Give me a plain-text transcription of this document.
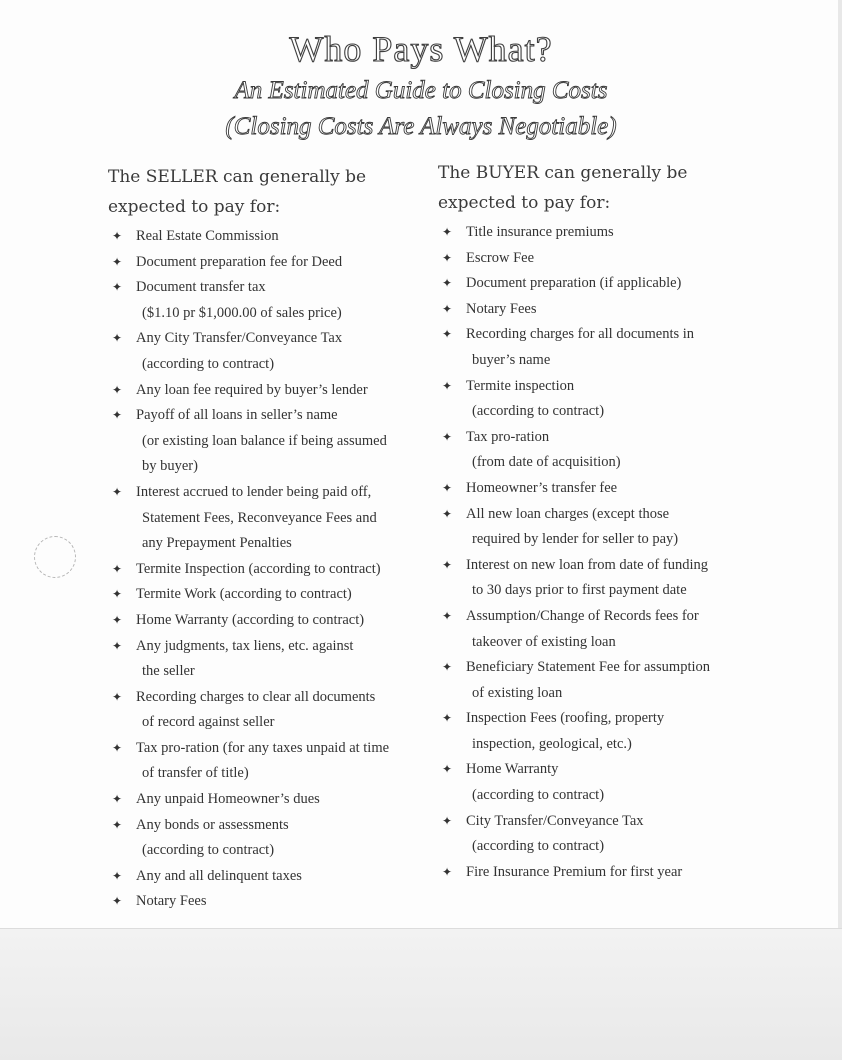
Who Pays What?
An Estimated Guide to Closing Costs
(Closing Costs Are Always Negotiable)
The SELLER can generally be
expected to pay for:
✦ Real Estate Commission
✦ Document preparation fee for Deed
✦ Document transfer tax
($1.10 pr $1,000.00 of sales price)
✦ Any City Transfer/Conveyance Tax
(according to contract)
✦ Any loan fee required by buyer’s lender
✦ Payoff of all loans in seller’s name
(or existing loan balance if being assumed
by buyer)
✦ Interest accrued to lender being paid off,
Statement Fees, Reconveyance Fees and
any Prepayment Penalties
✦ Termite Inspection (according to contract)
✦ Termite Work (according to contract)
✦ Home Warranty (according to contract)
✦ Any judgments, tax liens, etc. against
the seller
✦ Recording charges to clear all documents
of record against seller
✦ Tax pro-ration (for any taxes unpaid at time
of transfer of title)
✦ Any unpaid Homeowner’s dues
✦ Any bonds or assessments
(according to contract)
✦ Any and all delinquent taxes
✦ Notary Fees
The BUYER can generally be
expected to pay for:
✦ Title insurance premiums
✦ Escrow Fee
✦ Document preparation (if applicable)
✦ Notary Fees
✦ Recording charges for all documents in
buyer’s name
✦ Termite inspection
(according to contract)
✦ Tax pro-ration
(from date of acquisition)
✦ Homeowner’s transfer fee
✦ All new loan charges (except those
required by lender for seller to pay)
✦ Interest on new loan from date of funding
to 30 days prior to first payment date
✦ Assumption/Change of Records fees for
takeover of existing loan
✦ Beneficiary Statement Fee for assumption
of existing loan
✦ Inspection Fees (roofing, property
inspection, geological, etc.)
✦ Home Warranty
(according to contract)
✦ City Transfer/Conveyance Tax
(according to contract)
✦ Fire Insurance Premium for first year
